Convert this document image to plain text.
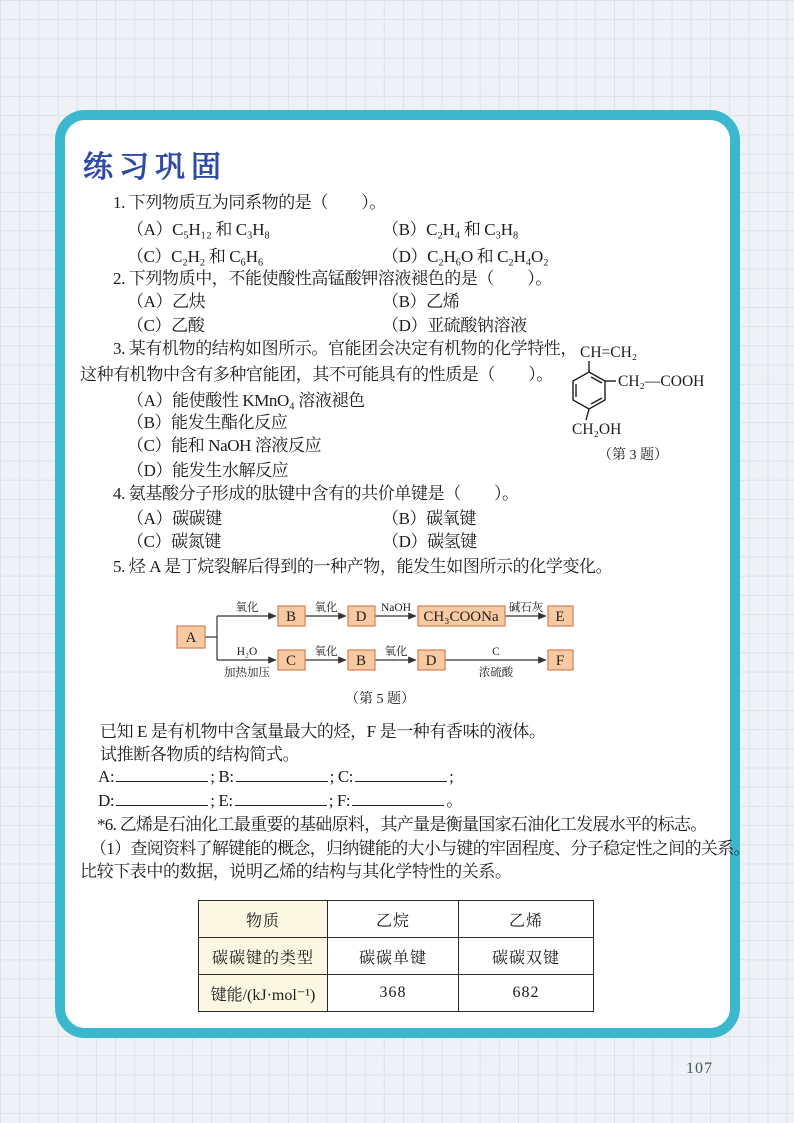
练习巩固
1. 下列物质互为同系物的是（　　）。
（A）C₅H₁₂ 和 C₃H₈	（B）C₂H₄ 和 C₃H₈
（C）C₂H₂ 和 C₆H₆	（D）C₂H₆O 和 C₂H₄O₂
2. 下列物质中，不能使酸性高锰酸钾溶液褪色的是（　　）。
（A）乙炔	（B）乙烯
（C）乙酸	（D）亚硫酸钠溶液
3. 某有机物的结构如图所示。官能团会决定有机物的化学特性，
这种有机物中含有多种官能团，其不可能具有的性质是（　　）。
（A）能使酸性 KMnO₄ 溶液褪色
（B）能发生酯化反应
（C）能和 NaOH 溶液反应
（D）能发生水解反应
CH=CH₂
CH₂—COOH
CH₂OH
（第 3 题）
4. 氨基酸分子形成的肽键中含有的共价单键是（　　）。
（A）碳碳键	（B）碳氧键
（C）碳氮键	（D）碳氢键
5. 烃 A 是丁烷裂解后得到的一种产物，能发生如图所示的化学变化。
A
B	D	CH₃COONa	E
C	B	D	F
氧化	氧化	NaOH	碱石灰
H₂O
加热加压
氧化	氧化	C
浓硫酸
（第 5 题）
已知 E 是有机物中含氢量最大的烃，F 是一种有香味的液体。
试推断各物质的结构简式。
A:	; B:	; C:	;
D:	; E:	; F:	。
*6. 乙烯是石油化工最重要的基础原料，其产量是衡量国家石油化工发展水平的标志。
（1）查阅资料了解键能的概念，归纳键能的大小与键的牢固程度、分子稳定性之间的关系。
比较下表中的数据，说明乙烯的结构与其化学特性的关系。
物质	乙烷	乙烯
碳碳键的类型	碳碳单键	碳碳双键
键能/(kJ·mol⁻¹)	368	682
107
